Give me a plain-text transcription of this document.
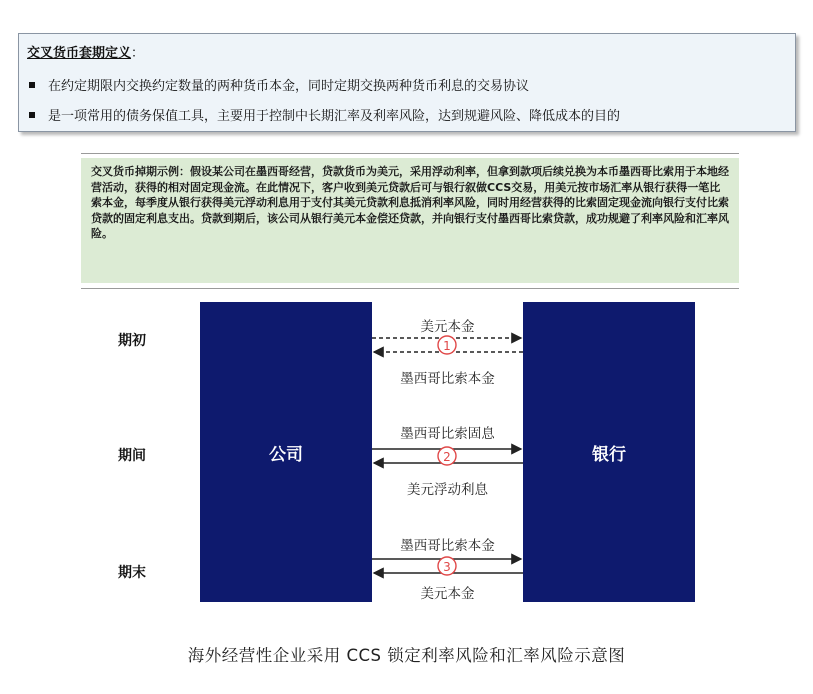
交叉货币套期定义：
在约定期限内交换约定数量的两种货币本金，同时定期交换两种货币利息的交易协议
是一项常用的债务保值工具，主要用于控制中长期汇率及利率风险，达到规避风险、降低成本的目的
交叉货币掉期示例：假设某公司在墨西哥经营，贷款货币为美元，采用浮动利率，但拿到款项后续兑换为本币墨西哥比索用于本地经营活动，获得的相对固定现金流。在此情况下，客户收到美元贷款后可与银行叙做CCS交易，用美元按市场汇率从银行获得一笔比索本金，每季度从银行获得美元浮动利息用于支付其美元贷款利息抵消利率风险，同时用经营获得的比索固定现金流向银行支付比索贷款的固定利息支出。贷款到期后，该公司从银行美元本金偿还贷款，并向银行支付墨西哥比索贷款，成功规避了利率风险和汇率风险。
公司	银行
期初
期间
期末
美元本金
墨西哥比索本金
墨西哥比索固息
美元浮动利息
墨西哥比索本金
美元本金
1
2
3
海外经营性企业采用 CCS 锁定利率风险和汇率风险示意图
